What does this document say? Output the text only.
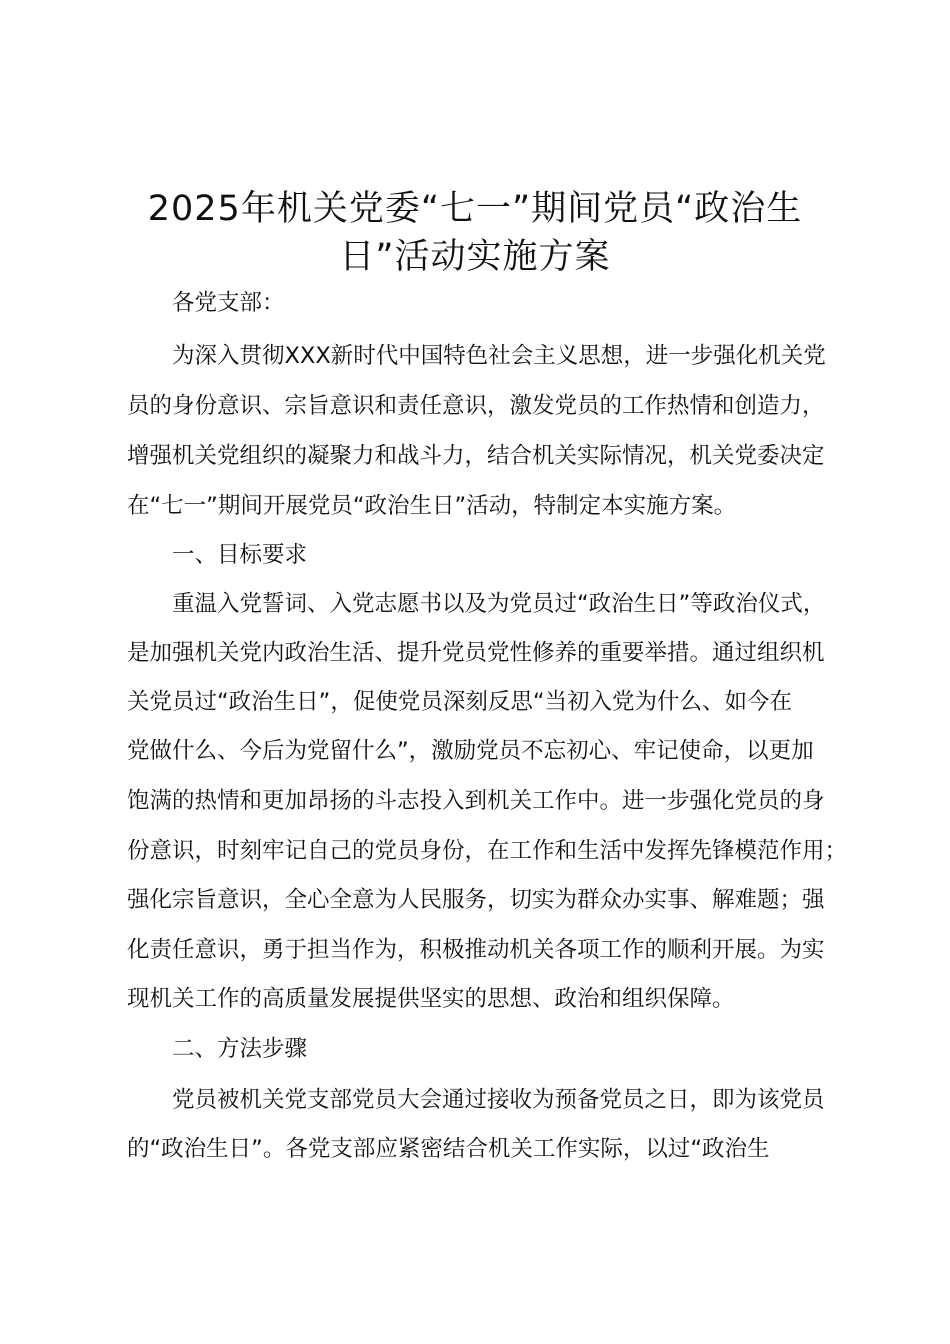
2025年机关党委“七一”期间党员“政治生
日”活动实施方案

各党支部：

为深入贯彻XXX新时代中国特色社会主义思想，进一步强化机关党

员的身份意识、宗旨意识和责任意识，激发党员的工作热情和创造力，

增强机关党组织的凝聚力和战斗力，结合机关实际情况，机关党委决定

在“七一”期间开展党员“政治生日”活动，特制定本实施方案。

一、目标要求

重温入党誓词、入党志愿书以及为党员过“政治生日”等政治仪式，

是加强机关党内政治生活、提升党员党性修养的重要举措。通过组织机

关党员过“政治生日”，促使党员深刻反思“当初入党为什么、如今在

党做什么、今后为党留什么”，激励党员不忘初心、牢记使命，以更加

饱满的热情和更加昂扬的斗志投入到机关工作中。进一步强化党员的身

份意识，时刻牢记自己的党员身份，在工作和生活中发挥先锋模范作用；

强化宗旨意识，全心全意为人民服务，切实为群众办实事、解难题；强

化责任意识，勇于担当作为，积极推动机关各项工作的顺利开展。为实

现机关工作的高质量发展提供坚实的思想、政治和组织保障。

二、方法步骤

党员被机关党支部党员大会通过接收为预备党员之日，即为该党员

的“政治生日”。各党支部应紧密结合机关工作实际，以过“政治生
